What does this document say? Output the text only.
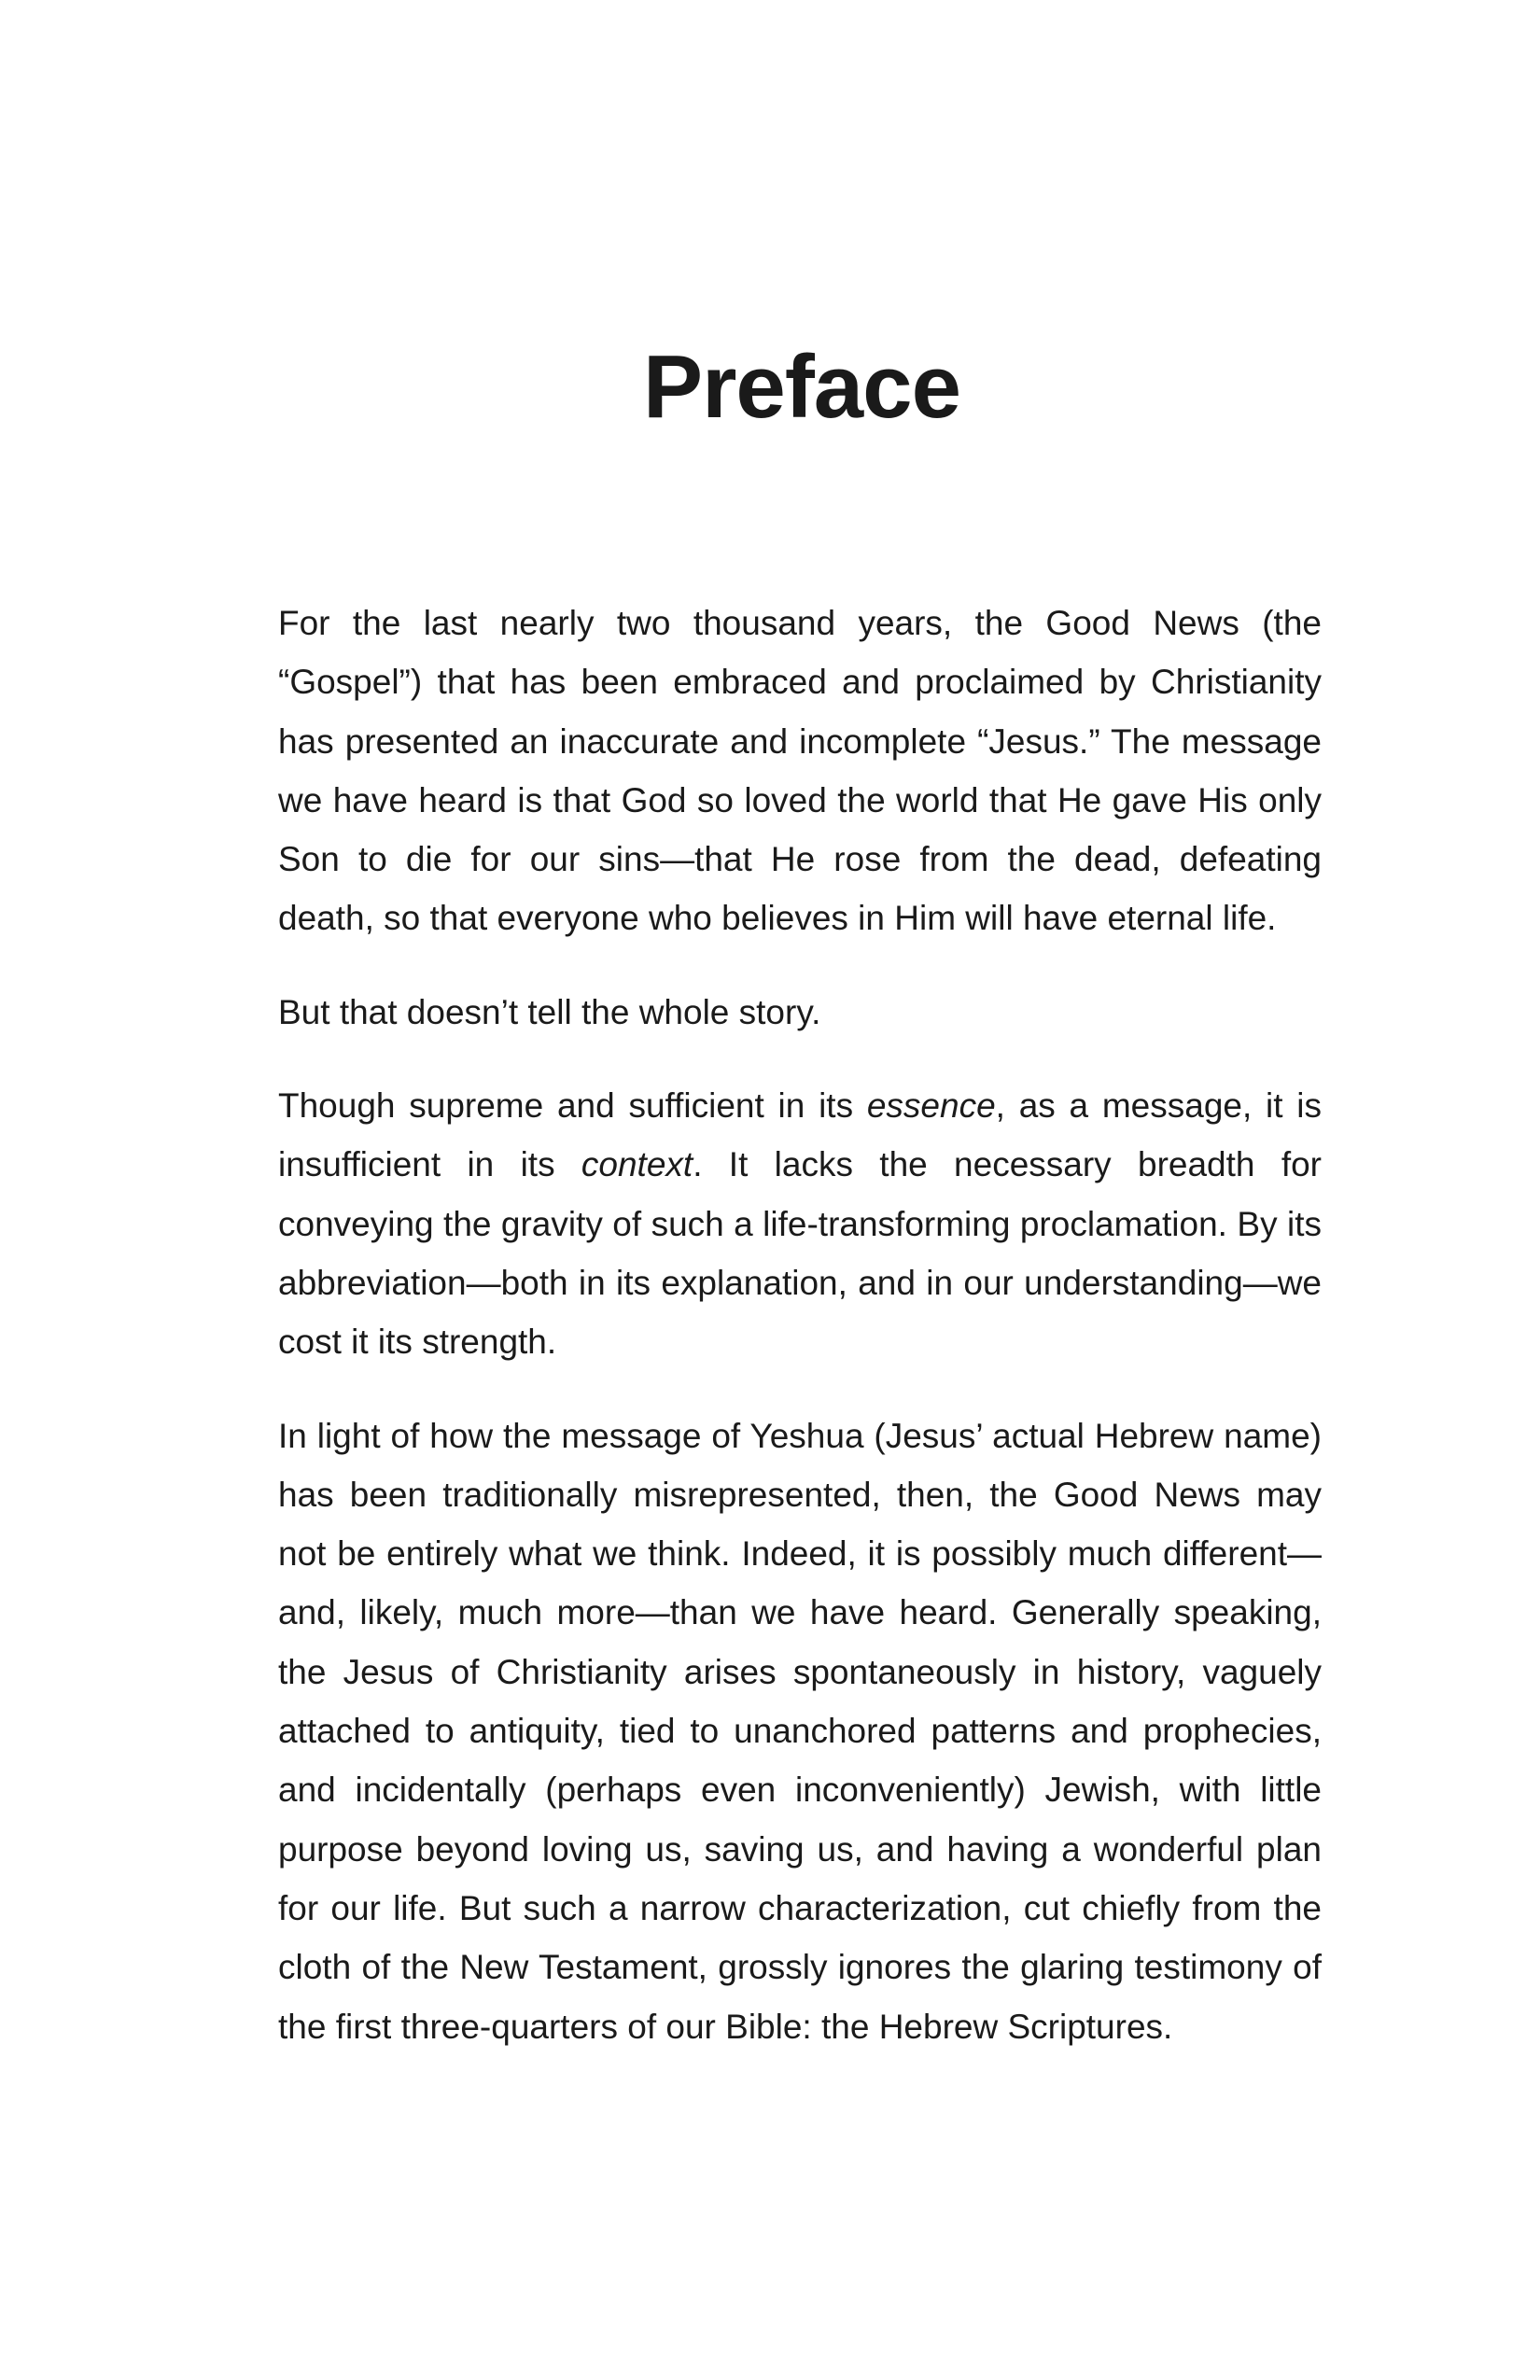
Preface

For the last nearly two thousand years, the Good News (the “Gospel”) that has been embraced and proclaimed by Christianity has presented an inaccurate and incomplete “Jesus.” The message we have heard is that God so loved the world that He gave His only Son to die for our sins—that He rose from the dead, defeating death, so that everyone who believes in Him will have eternal life.

But that doesn’t tell the whole story.

Though supreme and sufficient in its essence, as a message, it is insufficient in its context. It lacks the necessary breadth for conveying the gravity of such a life-transforming proclamation. By its abbreviation—both in its explanation, and in our understanding—we cost it its strength.

In light of how the message of Yeshua (Jesus’ actual Hebrew name) has been traditionally misrepresented, then, the Good News may not be entirely what we think. Indeed, it is possibly much different—and, likely, much more—than we have heard. Generally speaking, the Jesus of Christianity arises spontaneously in history, vaguely attached to antiquity, tied to unanchored patterns and prophecies, and incidentally (perhaps even inconveniently) Jewish, with little purpose beyond loving us, saving us, and having a wonderful plan for our life. But such a narrow characterization, cut chiefly from the cloth of the New Testament, grossly ignores the glaring testimony of the first three-quarters of our Bible: the Hebrew Scriptures.
